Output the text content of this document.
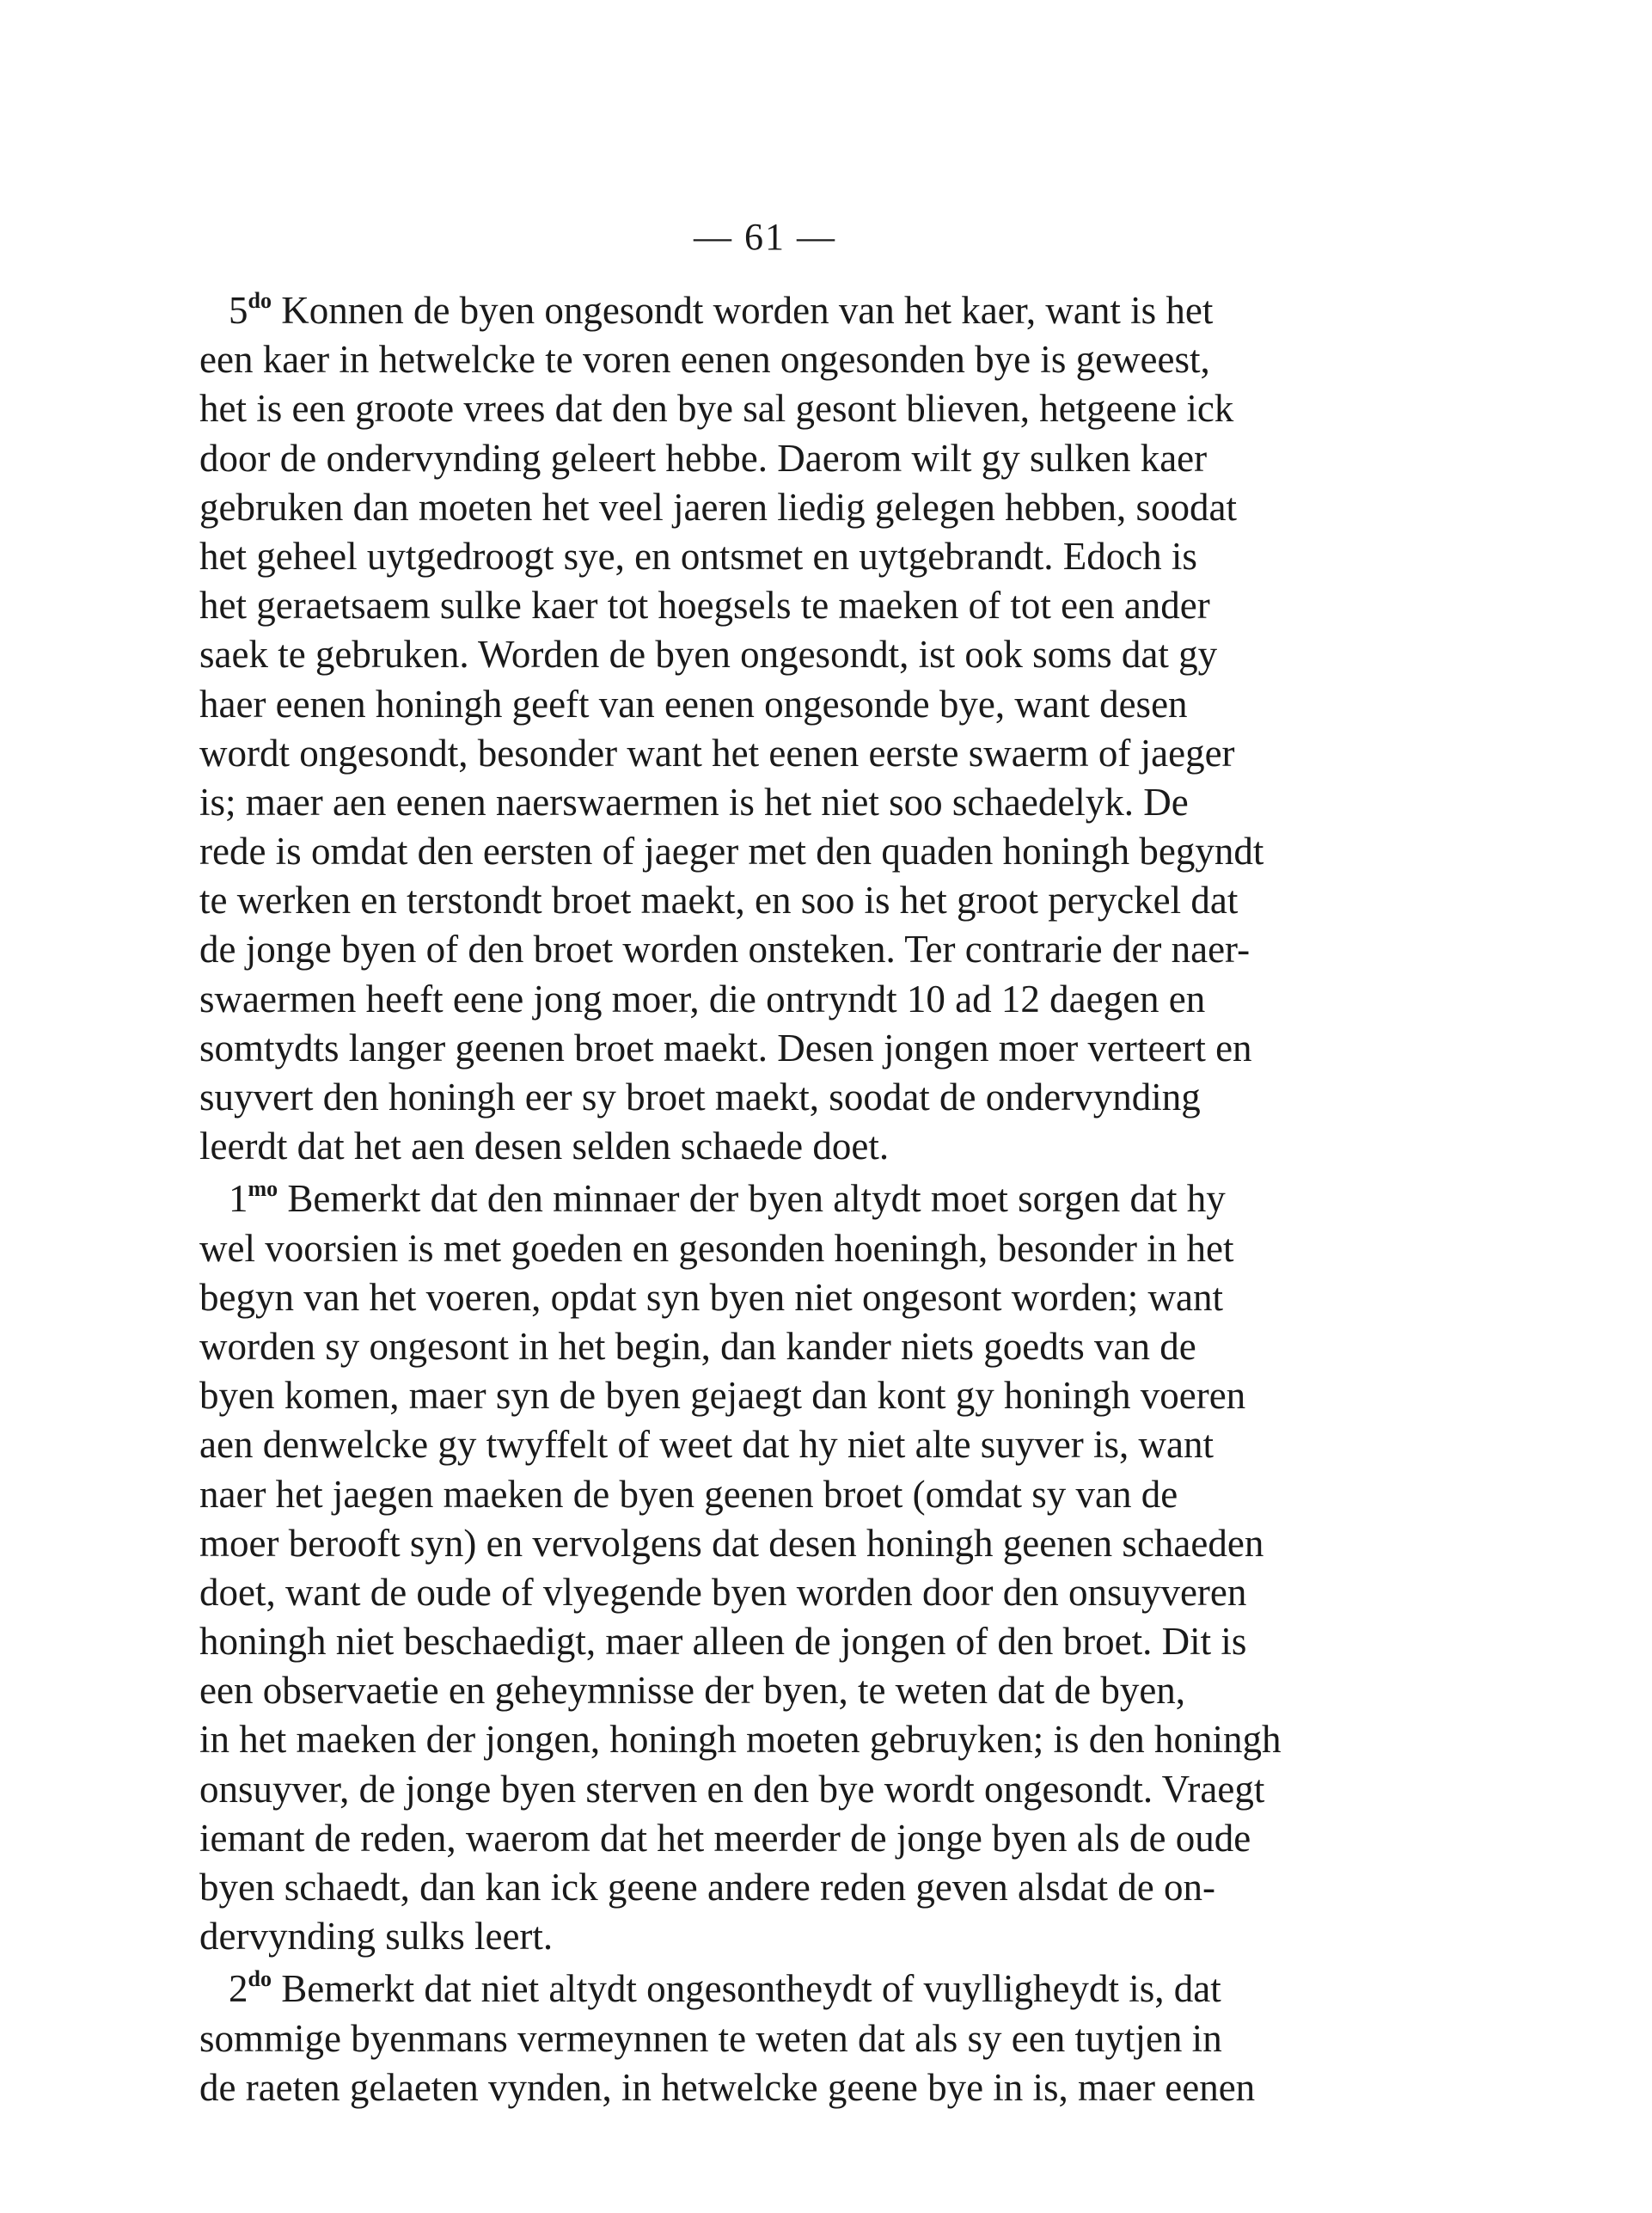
— 61 —
$5^{do}$ Konnen de byen ongesondt worden van het kaer, want is het
een kaer in hetwelcke te voren eenen ongesonden bye is geweest,
het is een groote vrees dat den bye sal gesont blieven, hetgeene ick
door de ondervynding geleert hebbe. Daerom wilt gy sulken kaer
gebruken dan moeten het veel jaeren liedig gelegen hebben, soodat
het geheel uytgedroogt sye, en ontsmet en uytgebrandt. Edoch is
het geraetsaem sulke kaer tot hoegsels te maeken of tot een ander
saek te gebruken. Worden de byen ongesondt, ist ook soms dat gy
haer eenen honingh geeft van eenen ongesonde bye, want desen
wordt ongesondt, besonder want het eenen eerste swaerm of jaeger
is; maer aen eenen naerswaermen is het niet soo schaedelyk. De
rede is omdat den eersten of jaeger met den quaden honingh begyndt
te werken en terstondt broet maekt, en soo is het groot peryckel dat
de jonge byen of den broet worden onsteken. Ter contrarie der naer-
swaermen heeft eene jong moer, die ontryndt 10 ad 12 daegen en
somtydts langer geenen broet maekt. Desen jongen moer verteert en
suyvert den honingh eer sy broet maekt, soodat de ondervynding
leerdt dat het aen desen selden schaede doet.
$1^{mo}$ Bemerkt dat den minnaer der byen altydt moet sorgen dat hy
wel voorsien is met goeden en gesonden hoeningh, besonder in het
begyn van het voeren, opdat syn byen niet ongesont worden; want
worden sy ongesont in het begin, dan kander niets goedts van de
byen komen, maer syn de byen gejaegt dan kont gy honingh voeren
aen denwelcke gy twyffelt of weet dat hy niet alte suyver is, want
naer het jaegen maeken de byen geenen broet (omdat sy van de
moer berooft syn) en vervolgens dat desen honingh geenen schaeden
doet, want de oude of vlyegende byen worden door den onsuyveren
honingh niet beschaedigt, maer alleen de jongen of den broet. Dit is
een observaetie en geheymnisse der byen, te weten dat de byen,
in het maeken der jongen, honingh moeten gebruyken; is den honingh
onsuyver, de jonge byen sterven en den bye wordt ongesondt. Vraegt
iemant de reden, waerom dat het meerder de jonge byen als de oude
byen schaedt, dan kan ick geene andere reden geven alsdat de on-
dervynding sulks leert.
$2^{do}$ Bemerkt dat niet altydt ongesontheydt of vuylligheydt is, dat
sommige byenmans vermeynnen te weten dat als sy een tuytjen in
de raeten gelaeten vynden, in hetwelcke geene bye in is, maer eenen
